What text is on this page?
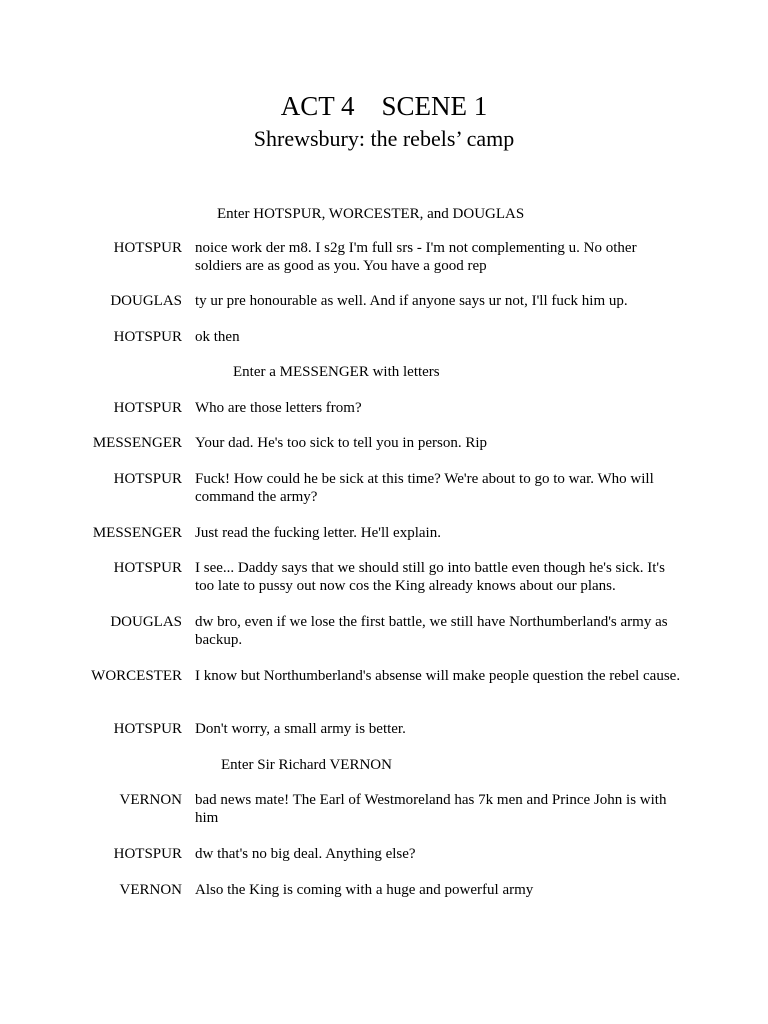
ACT 4    SCENE 1
Shrewsbury: the rebels’ camp
Enter HOTSPUR, WORCESTER, and DOUGLAS
HOTSPUR noice work der m8. I s2g I'm full srs - I'm not complementing u. No other soldiers are as good as you. You have a good rep
DOUGLAS ty ur pre honourable as well. And if anyone says ur not, I'll fuck him up.
HOTSPUR ok then
Enter a MESSENGER with letters
HOTSPUR Who are those letters from?
MESSENGER Your dad. He's too sick to tell you in person. Rip
HOTSPUR Fuck! How could he be sick at this time? We're about to go to war. Who will command the army?
MESSENGER Just read the fucking letter. He'll explain.
HOTSPUR I see... Daddy says that we should still go into battle even though he's sick. It's too late to pussy out now cos the King already knows about our plans.
DOUGLAS dw bro, even if we lose the first battle, we still have Northumberland's army as backup.
WORCESTER I know but Northumberland's absense will make people question the rebel cause.
HOTSPUR Don't worry, a small army is better.
Enter Sir Richard VERNON
VERNON bad news mate! The Earl of Westmoreland has 7k men and Prince John is with him
HOTSPUR dw that's no big deal. Anything else?
VERNON Also the King is coming with a huge and powerful army
